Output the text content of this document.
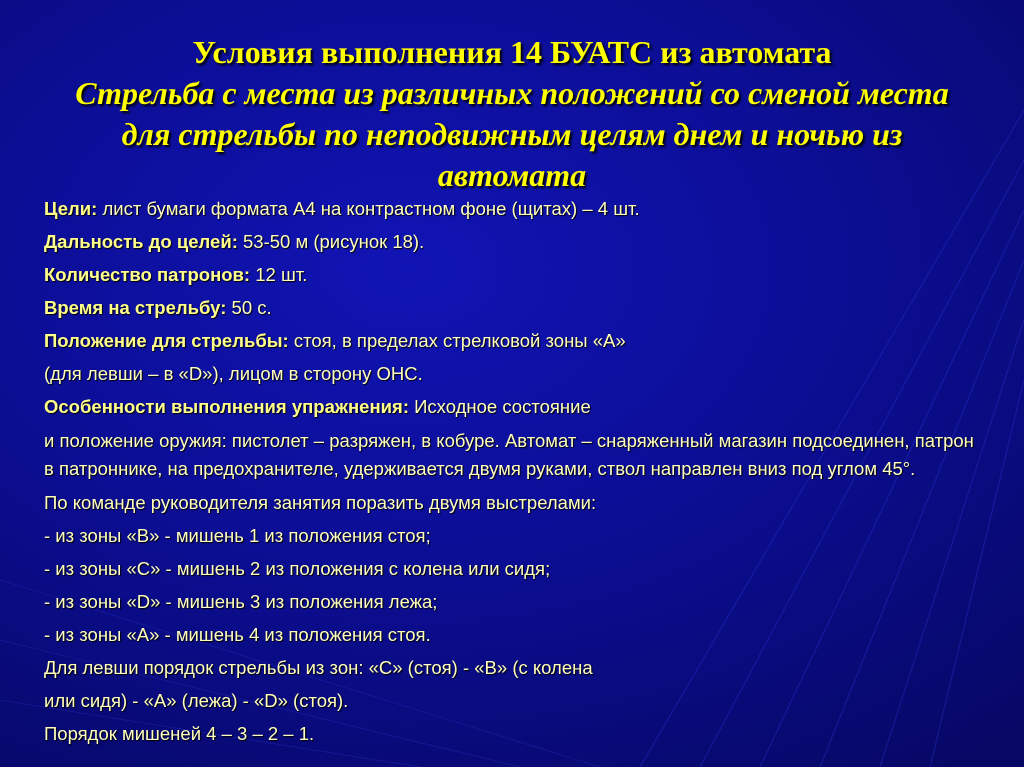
Условия выполнения 14 БУАТС из автомата
Стрельба с места из различных положений со сменой места для стрельбы по неподвижным целям днем и ночью из автомата

Цели: лист бумаги формата А4 на контрастном фоне (щитах) – 4 шт.

Дальность до целей: 53-50 м (рисунок 18).

Количество патронов: 12 шт.

Время на стрельбу: 50 с.

Положение для стрельбы: стоя, в пределах стрелковой зоны «А»

(для левши – в «D»), лицом в сторону ОНС.

Особенности выполнения упражнения: Исходное состояние

и положение оружия: пистолет – разряжен, в кобуре. Автомат – снаряженный магазин подсоединен, патрон в патроннике, на предохранителе, удерживается двумя руками, ствол направлен вниз под углом 45°.

По команде руководителя занятия поразить двумя выстрелами:

- из зоны «В» - мишень 1 из положения стоя;

- из зоны «С» - мишень 2 из положения с колена или сидя;

- из зоны «D» - мишень 3 из положения лежа;

- из зоны «А» - мишень 4 из положения стоя.

Для левши порядок стрельбы из зон: «С» (стоя) - «В» (с колена

или сидя) - «А» (лежа) - «D» (стоя).

Порядок мишеней 4 – 3 – 2 – 1.
